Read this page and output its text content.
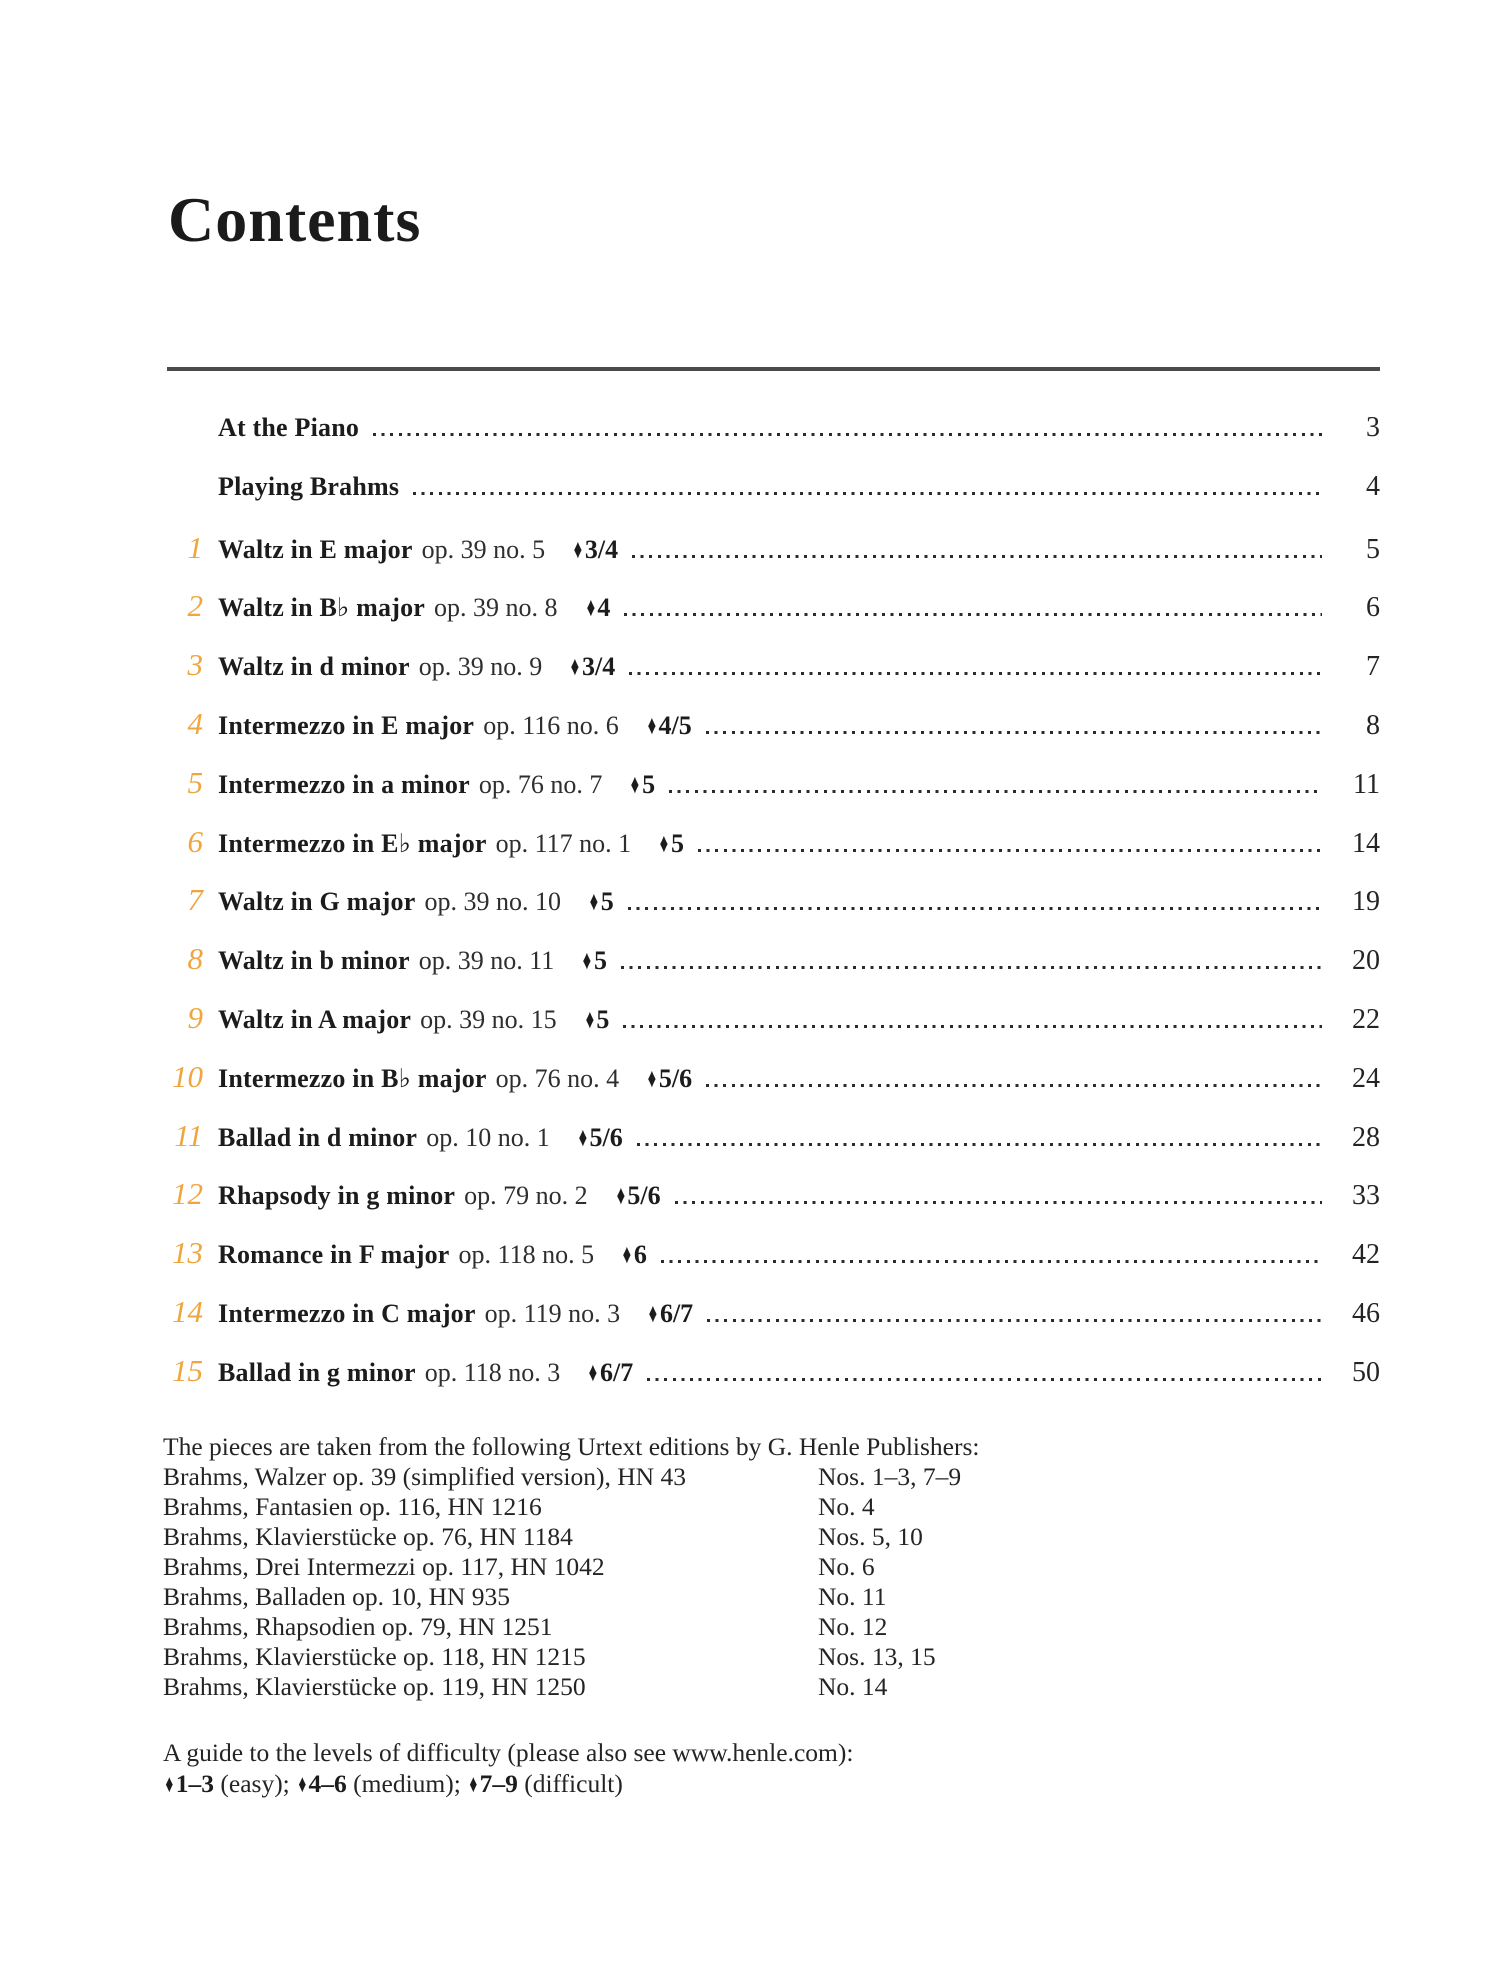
Contents
At the Piano	3
Playing Brahms	4
1 Waltz in E major op. 39 no. 5 ♦ 3/4	5
2 Waltz in B♭ major op. 39 no. 8 ♦ 4	6
3 Waltz in d minor op. 39 no. 9 ♦ 3/4	7
4 Intermezzo in E major op. 116 no. 6 ♦ 4/5	8
5 Intermezzo in a minor op. 76 no. 7 ♦ 5	11
6 Intermezzo in E♭ major op. 117 no. 1 ♦ 5	14
7 Waltz in G major op. 39 no. 10 ♦ 5	19
8 Waltz in b minor op. 39 no. 11 ♦ 5	20
9 Waltz in A major op. 39 no. 15 ♦ 5	22
10 Intermezzo in B♭ major op. 76 no. 4 ♦ 5/6	24
11 Ballad in d minor op. 10 no. 1 ♦ 5/6	28
12 Rhapsody in g minor op. 79 no. 2 ♦ 5/6	33
13 Romance in F major op. 118 no. 5 ♦ 6	42
14 Intermezzo in C major op. 119 no. 3 ♦ 6/7	46
15 Ballad in g minor op. 118 no. 3 ♦ 6/7	50
The pieces are taken from the following Urtext editions by G. Henle Publishers:
Brahms, Walzer op. 39 (simplified version), HN 43	Nos. 1–3, 7–9
Brahms, Fantasien op. 116, HN 1216	No. 4
Brahms, Klavierstücke op. 76, HN 1184	Nos. 5, 10
Brahms, Drei Intermezzi op. 117, HN 1042	No. 6
Brahms, Balladen op. 10, HN 935	No. 11
Brahms, Rhapsodien op. 79, HN 1251	No. 12
Brahms, Klavierstücke op. 118, HN 1215	Nos. 13, 15
Brahms, Klavierstücke op. 119, HN 1250	No. 14
A guide to the levels of difficulty (please also see www.henle.com):
♦1–3 (easy); ♦4–6 (medium); ♦7–9 (difficult)
